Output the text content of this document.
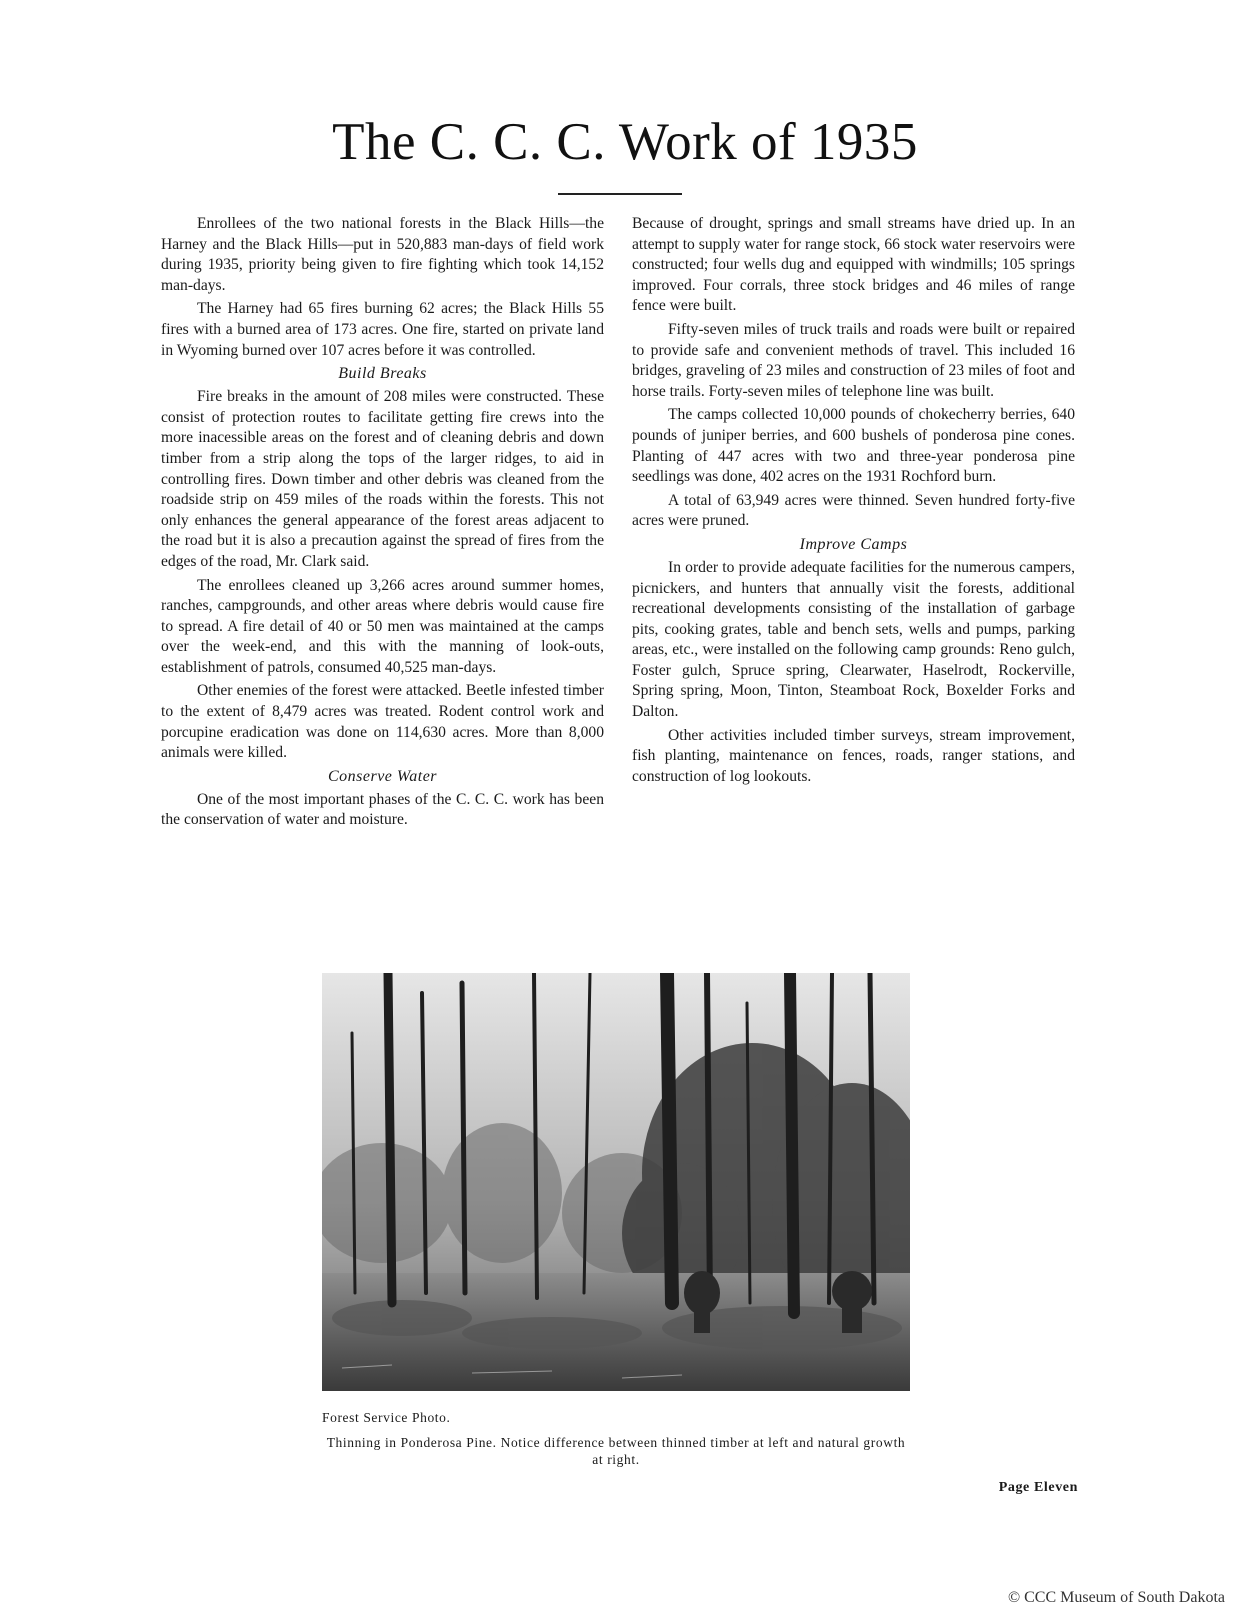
The C. C. C. Work of 1935

Enrollees of the two national forests in the Black Hills—the Harney and the Black Hills—put in 520,883 man-days of field work during 1935, priority being given to fire fighting which took 14,152 man-days.

The Harney had 65 fires burning 62 acres; the Black Hills 55 fires with a burned area of 173 acres. One fire, started on private land in Wyoming burned over 107 acres before it was controlled.

Build Breaks

Fire breaks in the amount of 208 miles were constructed. These consist of protection routes to facilitate getting fire crews into the more inacessible areas on the forest and of cleaning debris and down timber from a strip along the tops of the larger ridges, to aid in controlling fires. Down timber and other debris was cleaned from the roadside strip on 459 miles of the roads within the forests. This not only enhances the general appearance of the forest areas adjacent to the road but it is also a precaution against the spread of fires from the edges of the road, Mr. Clark said.

The enrollees cleaned up 3,266 acres around summer homes, ranches, campgrounds, and other areas where debris would cause fire to spread. A fire detail of 40 or 50 men was maintained at the camps over the week-end, and this with the manning of look-outs, establishment of patrols, consumed 40,525 man-days.

Other enemies of the forest were attacked. Beetle infested timber to the extent of 8,479 acres was treated. Rodent control work and porcupine eradication was done on 114,630 acres. More than 8,000 animals were killed.

Conserve Water

One of the most important phases of the C. C. C. work has been the conservation of water and moisture.

Because of drought, springs and small streams have dried up. In an attempt to supply water for range stock, 66 stock water reservoirs were constructed; four wells dug and equipped with windmills; 105 springs improved. Four corrals, three stock bridges and 46 miles of range fence were built.

Fifty-seven miles of truck trails and roads were built or repaired to provide safe and convenient methods of travel. This included 16 bridges, graveling of 23 miles and construction of 23 miles of foot and horse trails. Forty-seven miles of telephone line was built.

The camps collected 10,000 pounds of chokecherry berries, 640 pounds of juniper berries, and 600 bushels of ponderosa pine cones. Planting of 447 acres with two and three-year ponderosa pine seedlings was done, 402 acres on the 1931 Rochford burn.

A total of 63,949 acres were thinned. Seven hundred forty-five acres were pruned.

Improve Camps

In order to provide adequate facilities for the numerous campers, picnickers, and hunters that annually visit the forests, additional recreational developments consisting of the installation of garbage pits, cooking grates, table and bench sets, wells and pumps, parking areas, etc., were installed on the following camp grounds: Reno gulch, Foster gulch, Spruce spring, Clearwater, Haselrodt, Rockerville, Spring spring, Moon, Tinton, Steamboat Rock, Boxelder Forks and Dalton.

Other activities included timber surveys, stream improvement, fish planting, maintenance on fences, roads, ranger stations, and construction of log lookouts.

Forest Service Photo.
Thinning in Ponderosa Pine. Notice difference between thinned timber at left and natural growth at right.
Page Eleven
© CCC Museum of South Dakota
